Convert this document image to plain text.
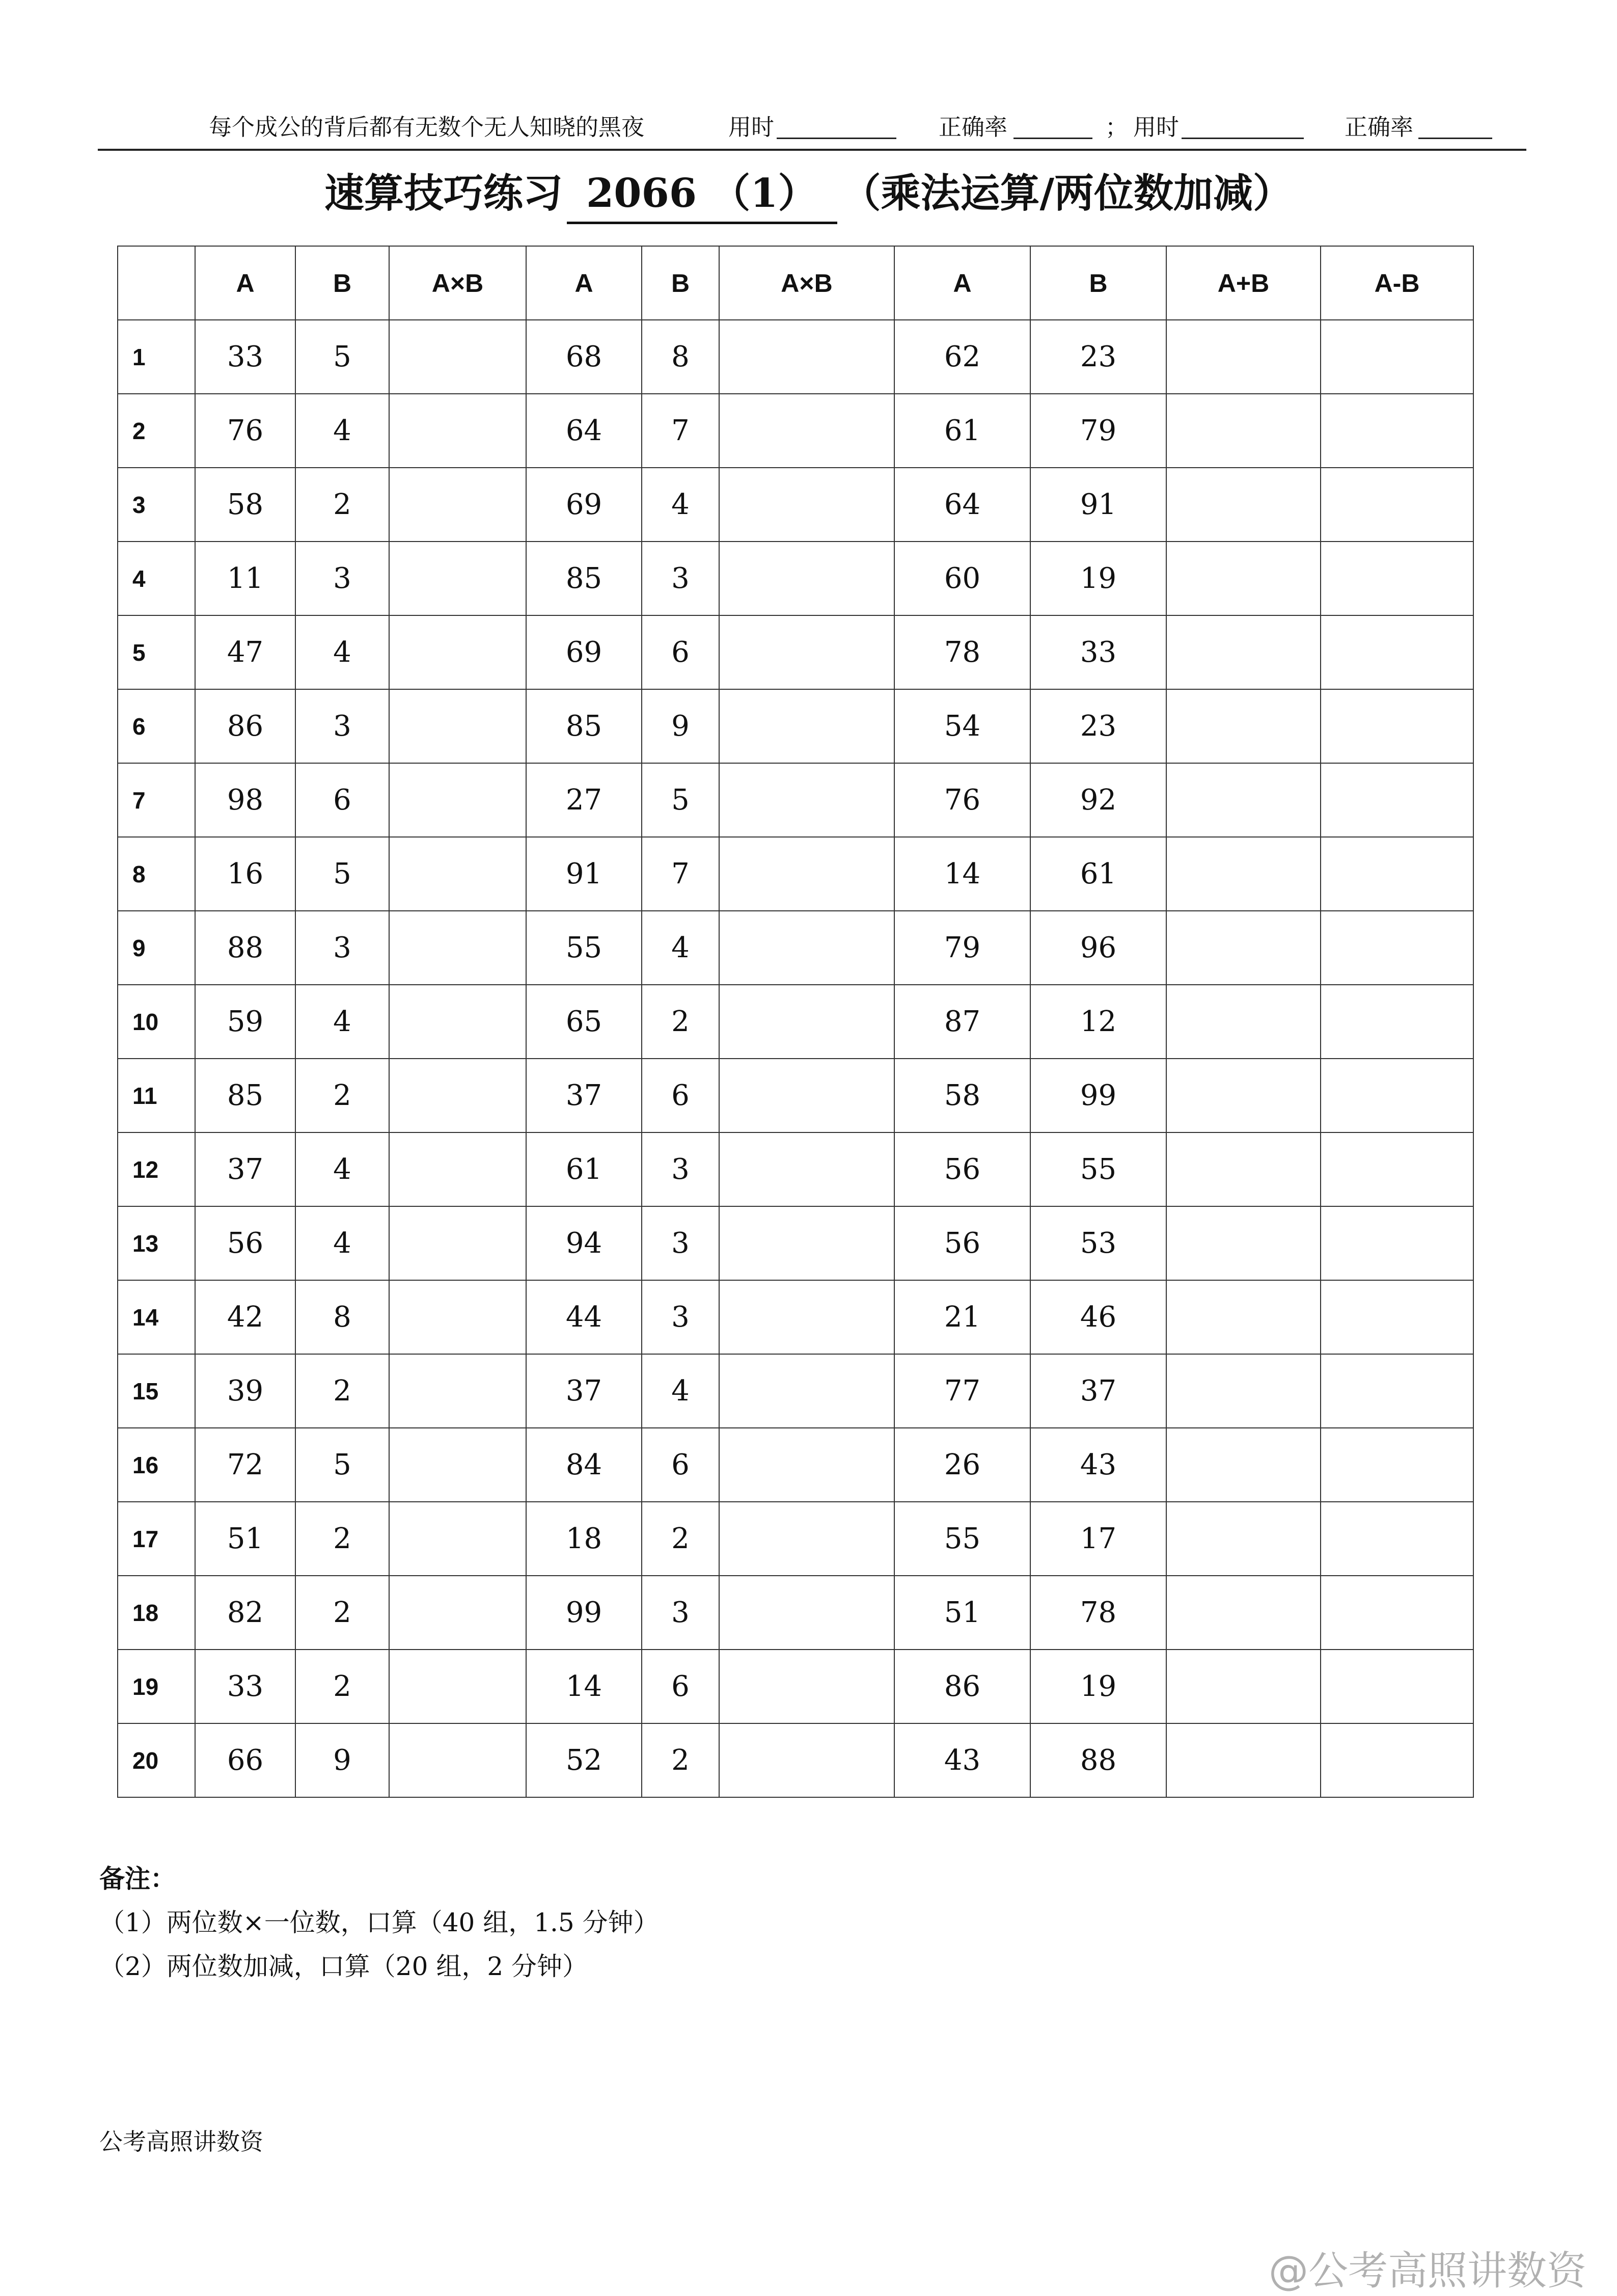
每个成公的背后都有无数个无人知晓的黑夜	用时	正确率	； 用时	正确率
速算技巧练习 2066 （1） （乘法运算/两位数加减）
	A	B	A×B	A	B	A×B	A	B	A+B	A-B
1	33	5		68	8		62	23		
2	76	4		64	7		61	79		
3	58	2		69	4		64	91		
4	11	3		85	3		60	19		
5	47	4		69	6		78	33		
6	86	3		85	9		54	23		
7	98	6		27	5		76	92		
8	16	5		91	7		14	61		
9	88	3		55	4		79	96		
10	59	4		65	2		87	12		
11	85	2		37	6		58	99		
12	37	4		61	3		56	55		
13	56	4		94	3		56	53		
14	42	8		44	3		21	46		
15	39	2		37	4		77	37		
16	72	5		84	6		26	43		
17	51	2		18	2		55	17		
18	82	2		99	3		51	78		
19	33	2		14	6		86	19		
20	66	9		52	2		43	88		
备注：
（1）两位数×一位数，口算（40 组，1.5 分钟）
（2）两位数加减，口算（20 组，2 分钟）
公考高照讲数资
@公考高照讲数资
